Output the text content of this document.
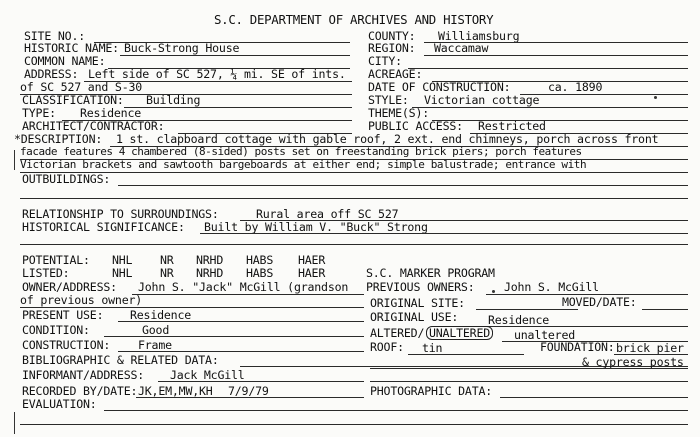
S.C. DEPARTMENT OF ARCHIVES AND HISTORY
SITE NO.:
HISTORIC NAME: Buck-Strong House
COMMON NAME:
ADDRESS: Left side of SC 527, ¼ mi. SE of ints.
of SC 527 and S-30
CLASSIFICATION: Building
TYPE: Residence
ARCHITECT/CONTRACTOR:
COUNTY: Williamsburg
REGION: Waccamaw
CITY:
ACREAGE:
DATE OF CONSTRUCTION:	ca. 1890
STYLE: Victorian cottage
THEME(S):
PUBLIC ACCESS: Restricted
*DESCRIPTION: 1 st. clapboard cottage with gable roof, 2 ext. end chimneys, porch across front
facade features 4 chambered (8-sided) posts set on freestanding brick piers; porch features
Victorian brackets and sawtooth bargeboards at either end; simple balustrade; entrance with
OUTBUILDINGS:
RELATIONSHIP TO SURROUNDINGS:	Rural area off SC 527
HISTORICAL SIGNIFICANCE: Built by William V. "Buck" Strong
POTENTIAL: NHL NR NRHD HABS HAER
LISTED:	NHL NR NRHD HABS HAER	S.C. MARKER PROGRAM
OWNER/ADDRESS: John S. "Jack" McGill (grandson
of previous owner)
PRESENT USE: Residence
CONDITION:	Good
CONSTRUCTION: Frame
BIBLIOGRAPHIC & RELATED DATA:
INFORMANT/ADDRESS: Jack McGill
RECORDED BY/DATE: JK,EM,MW,KH 7/9/79
EVALUATION:
PREVIOUS OWNERS:	John S. McGill
ORIGINAL SITE:	MOVED/DATE:
ORIGINAL USE:	Residence
ALTERED/ UNALTERED unaltered
ROOF: tin	FOUNDATION: brick pier
& cypress posts
PHOTOGRAPHIC DATA:
